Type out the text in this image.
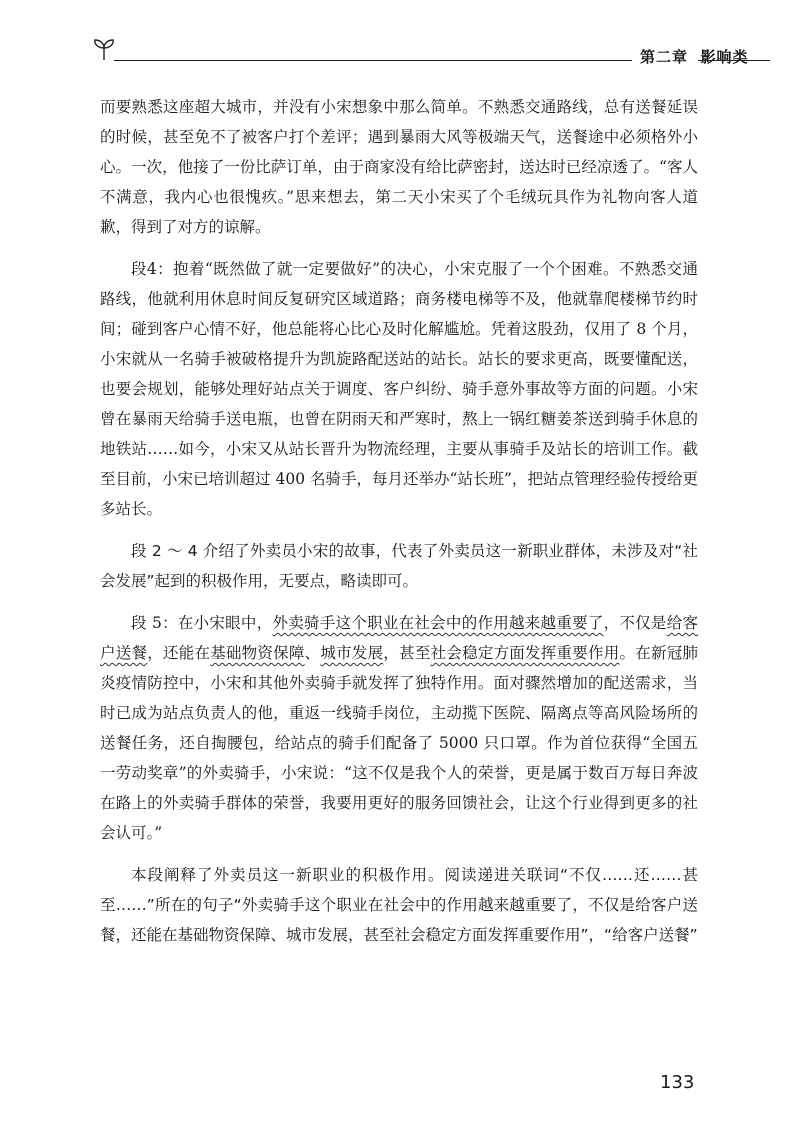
第二章 影响类

而要熟悉这座超大城市，并没有小宋想象中那么简单。不熟悉交通路线，总有送餐延误的时候，甚至免不了被客户打个差评；遇到暴雨大风等极端天气，送餐途中必须格外小心。一次，他接了一份比萨订单，由于商家没有给比萨密封，送达时已经凉透了。“客人不满意，我内心也很愧疚。”思来想去，第二天小宋买了个毛绒玩具作为礼物向客人道歉，得到了对方的谅解。

段4：抱着“既然做了就一定要做好”的决心，小宋克服了一个个困难。不熟悉交通路线，他就利用休息时间反复研究区域道路；商务楼电梯等不及，他就靠爬楼梯节约时间；碰到客户心情不好，他总能将心比心及时化解尴尬。凭着这股劲，仅用了 8 个月，小宋就从一名骑手被破格提升为凯旋路配送站的站长。站长的要求更高，既要懂配送，也要会规划，能够处理好站点关于调度、客户纠纷、骑手意外事故等方面的问题。小宋曾在暴雨天给骑手送电瓶，也曾在阴雨天和严寒时，熬上一锅红糖姜茶送到骑手休息的地铁站……如今，小宋又从站长晋升为物流经理，主要从事骑手及站长的培训工作。截至目前，小宋已培训超过 400 名骑手，每月还举办“站长班”，把站点管理经验传授给更多站长。

段 2 ～ 4 介绍了外卖员小宋的故事，代表了外卖员这一新职业群体，未涉及对“社会发展”起到的积极作用，无要点，略读即可。

段 5：在小宋眼中，外卖骑手这个职业在社会中的作用越来越重要了，不仅是给客户送餐，还能在基础物资保障、城市发展，甚至社会稳定方面发挥重要作用。在新冠肺炎疫情防控中，小宋和其他外卖骑手就发挥了独特作用。面对骤然增加的配送需求，当时已成为站点负责人的他，重返一线骑手岗位，主动揽下医院、隔离点等高风险场所的送餐任务，还自掏腰包，给站点的骑手们配备了 5000 只口罩。作为首位获得“全国五一劳动奖章”的外卖骑手，小宋说：“这不仅是我个人的荣誉，更是属于数百万每日奔波在路上的外卖骑手群体的荣誉，我要用更好的服务回馈社会，让这个行业得到更多的社会认可。”

本段阐释了外卖员这一新职业的积极作用。阅读递进关联词“不仅……还……甚至……”所在的句子“外卖骑手这个职业在社会中的作用越来越重要了，不仅是给客户送餐，还能在基础物资保障、城市发展，甚至社会稳定方面发挥重要作用”，“给客户送餐”

133
